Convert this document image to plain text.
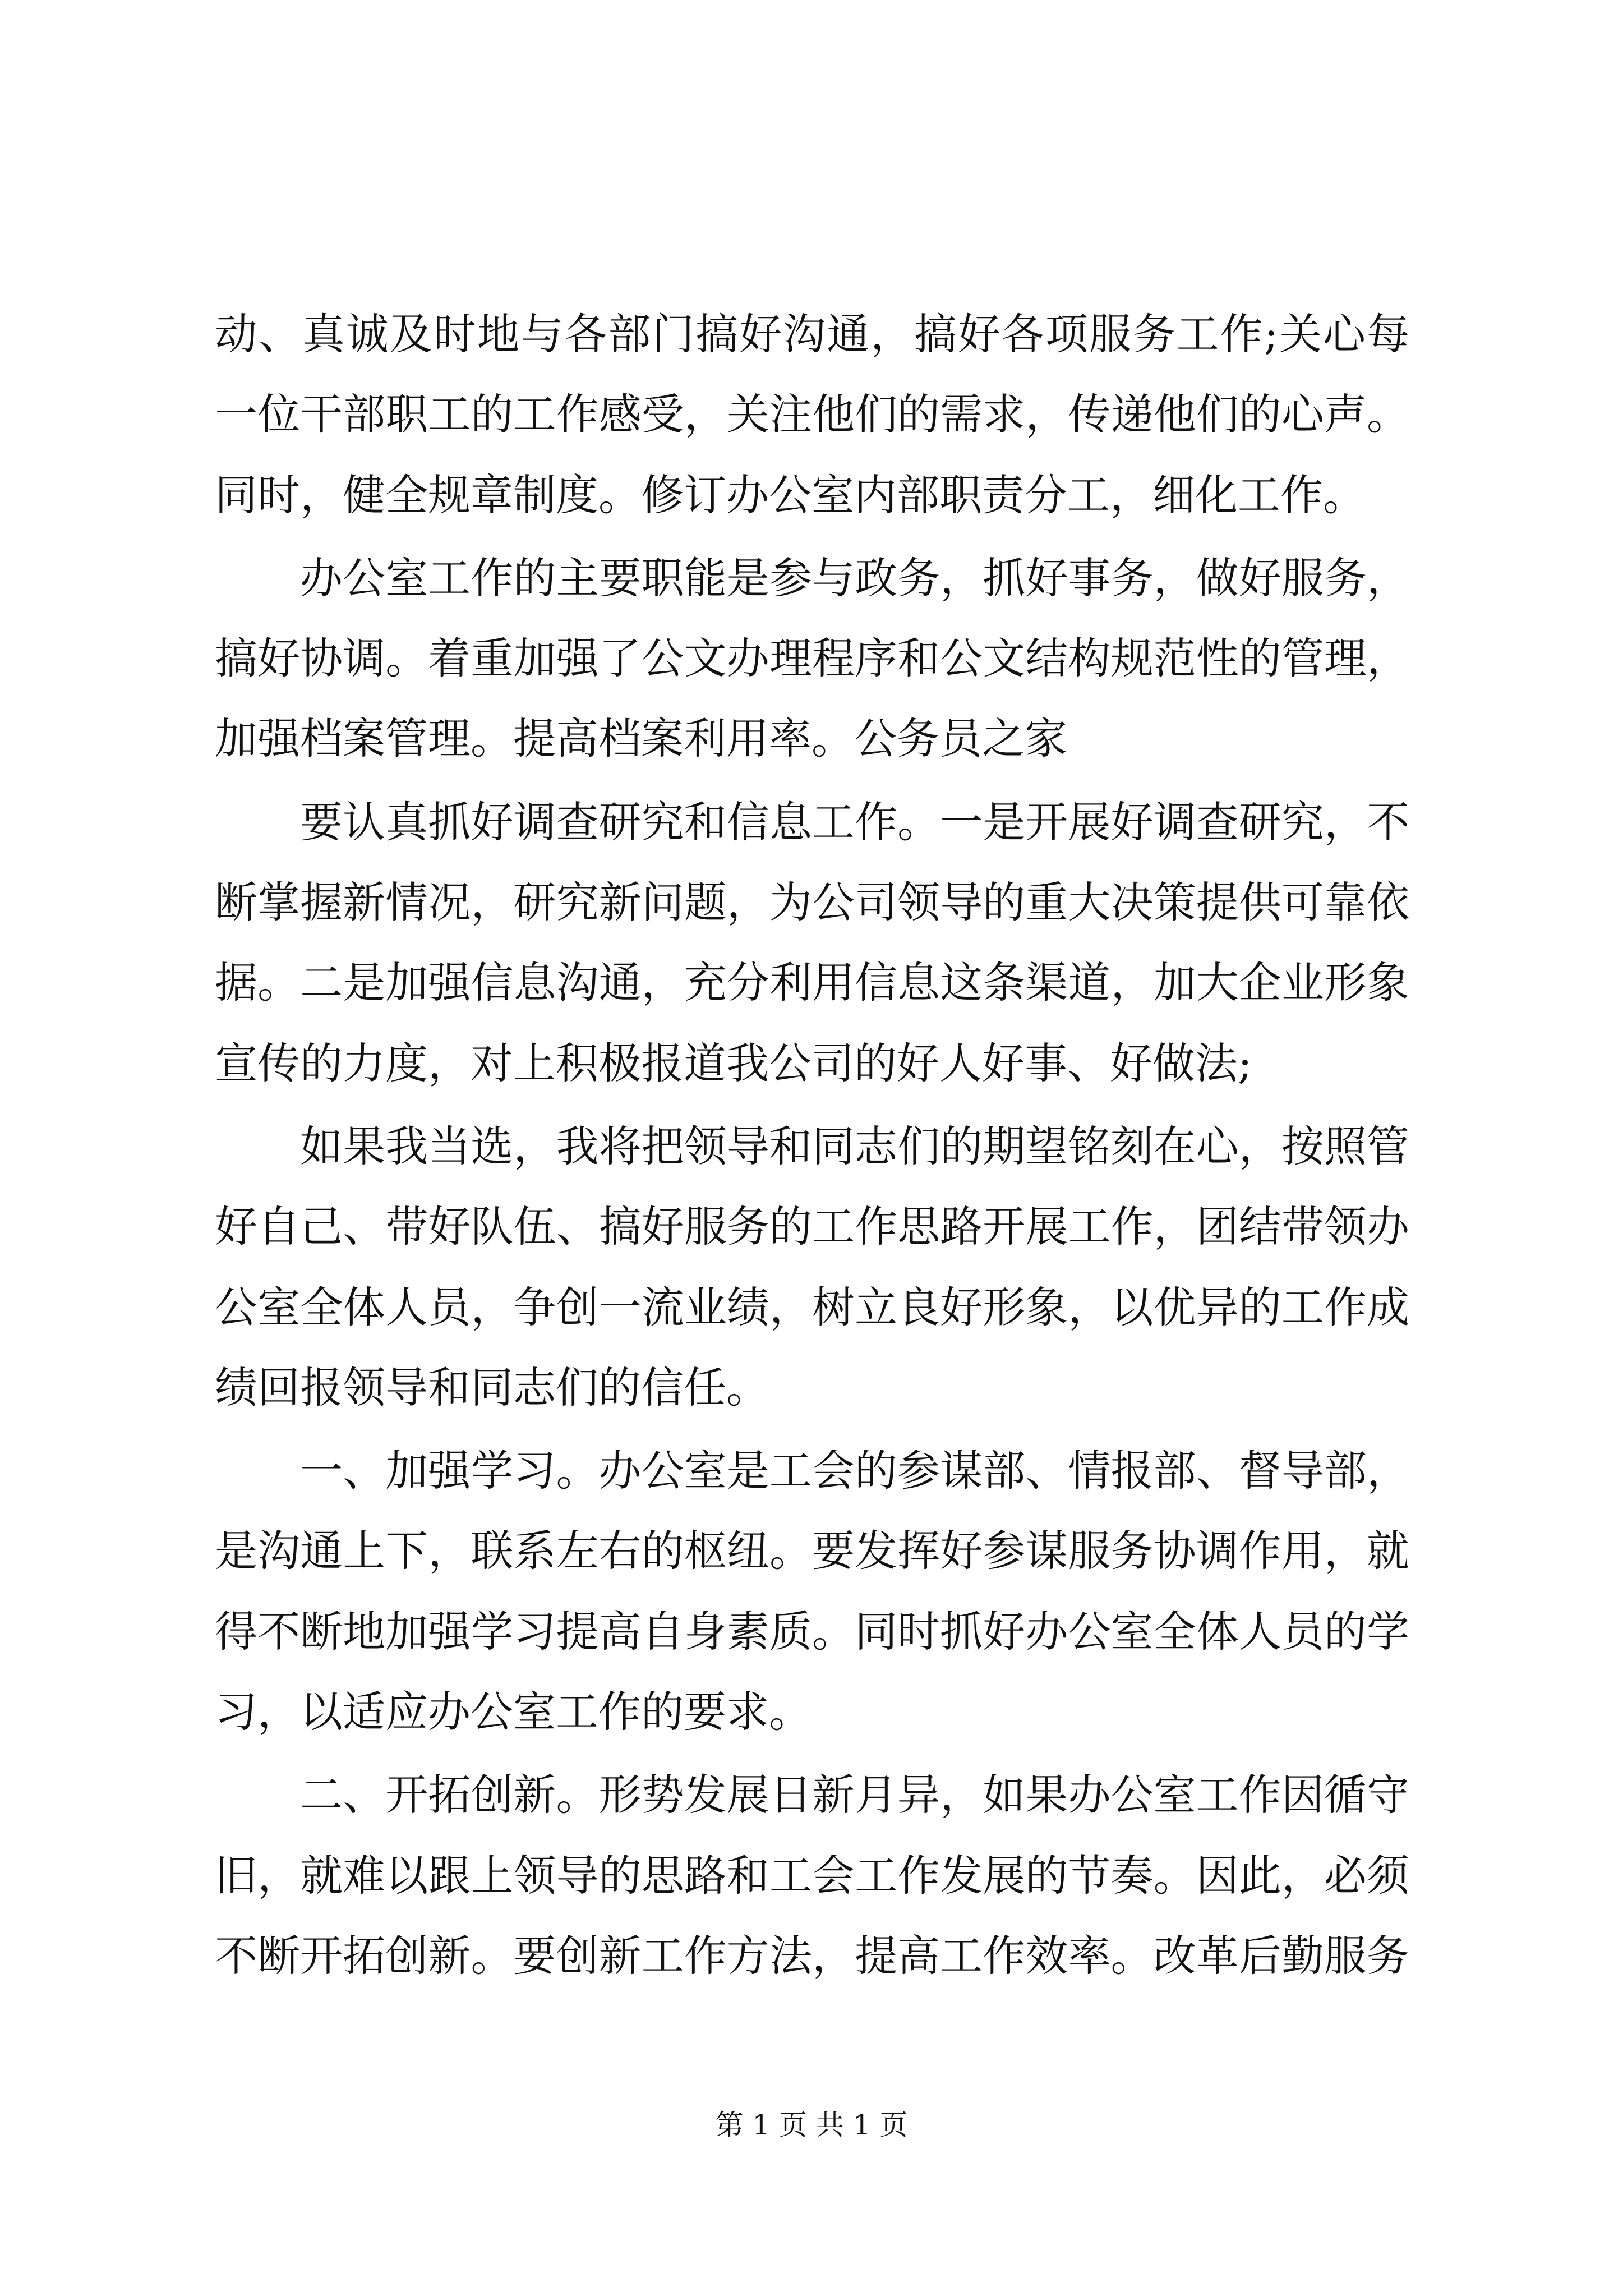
动、真诚及时地与各部门搞好沟通，搞好各项服务工作;关心每
一位干部职工的工作感受，关注他们的需求，传递他们的心声。
同时，健全规章制度。修订办公室内部职责分工，细化工作。
办公室工作的主要职能是参与政务，抓好事务，做好服务，
搞好协调。着重加强了公文办理程序和公文结构规范性的管理，
加强档案管理。提高档案利用率。公务员之家
要认真抓好调查研究和信息工作。一是开展好调查研究，不
断掌握新情况，研究新问题，为公司领导的重大决策提供可靠依
据。二是加强信息沟通，充分利用信息这条渠道，加大企业形象
宣传的力度，对上积极报道我公司的好人好事、好做法;
如果我当选，我将把领导和同志们的期望铭刻在心，按照管
好自己、带好队伍、搞好服务的工作思路开展工作，团结带领办
公室全体人员，争创一流业绩，树立良好形象，以优异的工作成
绩回报领导和同志们的信任。
一、加强学习。办公室是工会的参谋部、情报部、督导部，
是沟通上下，联系左右的枢纽。要发挥好参谋服务协调作用，就
得不断地加强学习提高自身素质。同时抓好办公室全体人员的学
习，以适应办公室工作的要求。
二、开拓创新。形势发展日新月异，如果办公室工作因循守
旧，就难以跟上领导的思路和工会工作发展的节奏。因此，必须
不断开拓创新。要创新工作方法，提高工作效率。改革后勤服务
第 1 页 共 1 页
